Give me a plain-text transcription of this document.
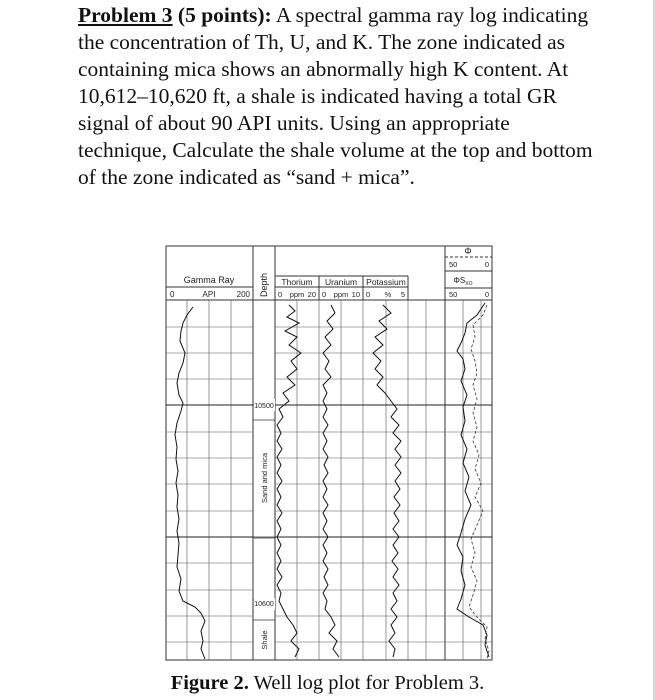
Problem 3 (5 points): A spectral gamma ray log indicating the concentration of Th, U, and K. The zone indicated as containing mica shows an abnormally high K content. At 10,612–10,620 ft, a shale is indicated having a total GR signal of about 90 API units. Using an appropriate technique, Calculate the shale volume at the top and bottom of the zone indicated as “sand + mica”.

Gamma Ray
API
0	200 Depth Thorium Uranium Potassium
0 ppm 20 0 ppm 10 0 % 5
Φ
50	0
$\Phi S_{XO}$
50	0
10500
10600
Sand and mica
Shale
Figure 2. Well log plot for Problem 3.
